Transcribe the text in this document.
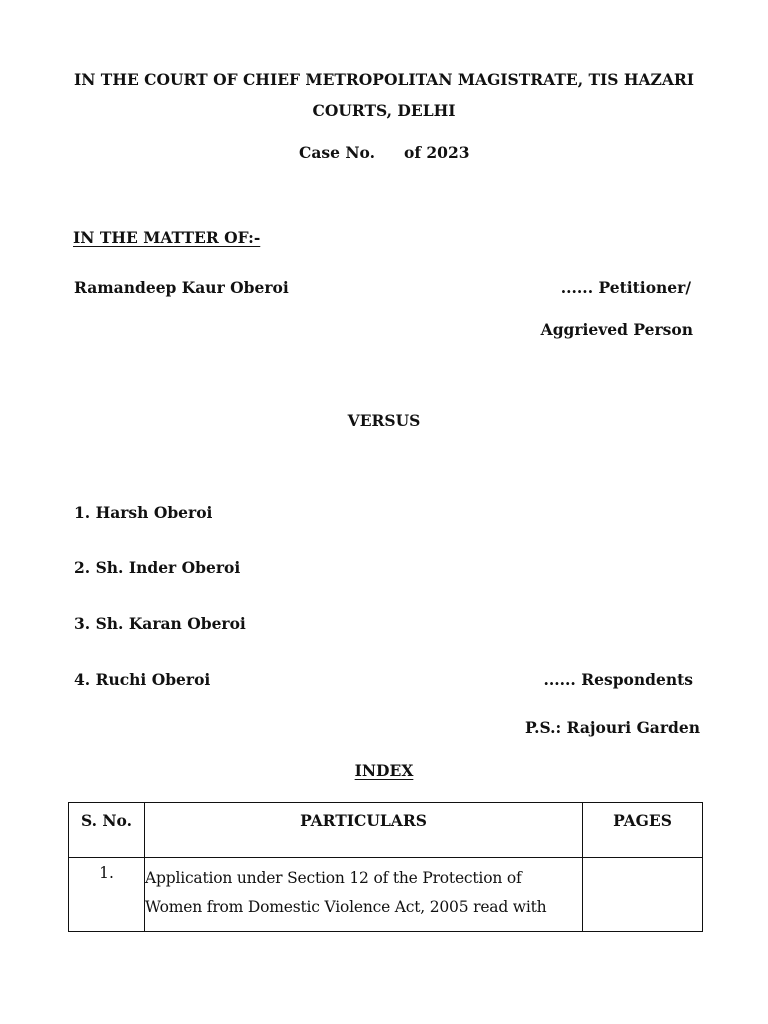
IN THE COURT OF CHIEF METROPOLITAN MAGISTRATE, TIS HAZARI
COURTS, DELHI
Case No. of 2023
IN THE MATTER OF:-
Ramandeep Kaur Oberoi	...... Petitioner/
Aggrieved Person
VERSUS
1. Harsh Oberoi
2. Sh. Inder Oberoi
3. Sh. Karan Oberoi
4. Ruchi Oberoi	...... Respondents
P.S.: Rajouri Garden
INDEX
S. No.	PARTICULARS	PAGES
1.	Application under Section 12 of the Protection of Women from Domestic Violence Act, 2005 read with	
